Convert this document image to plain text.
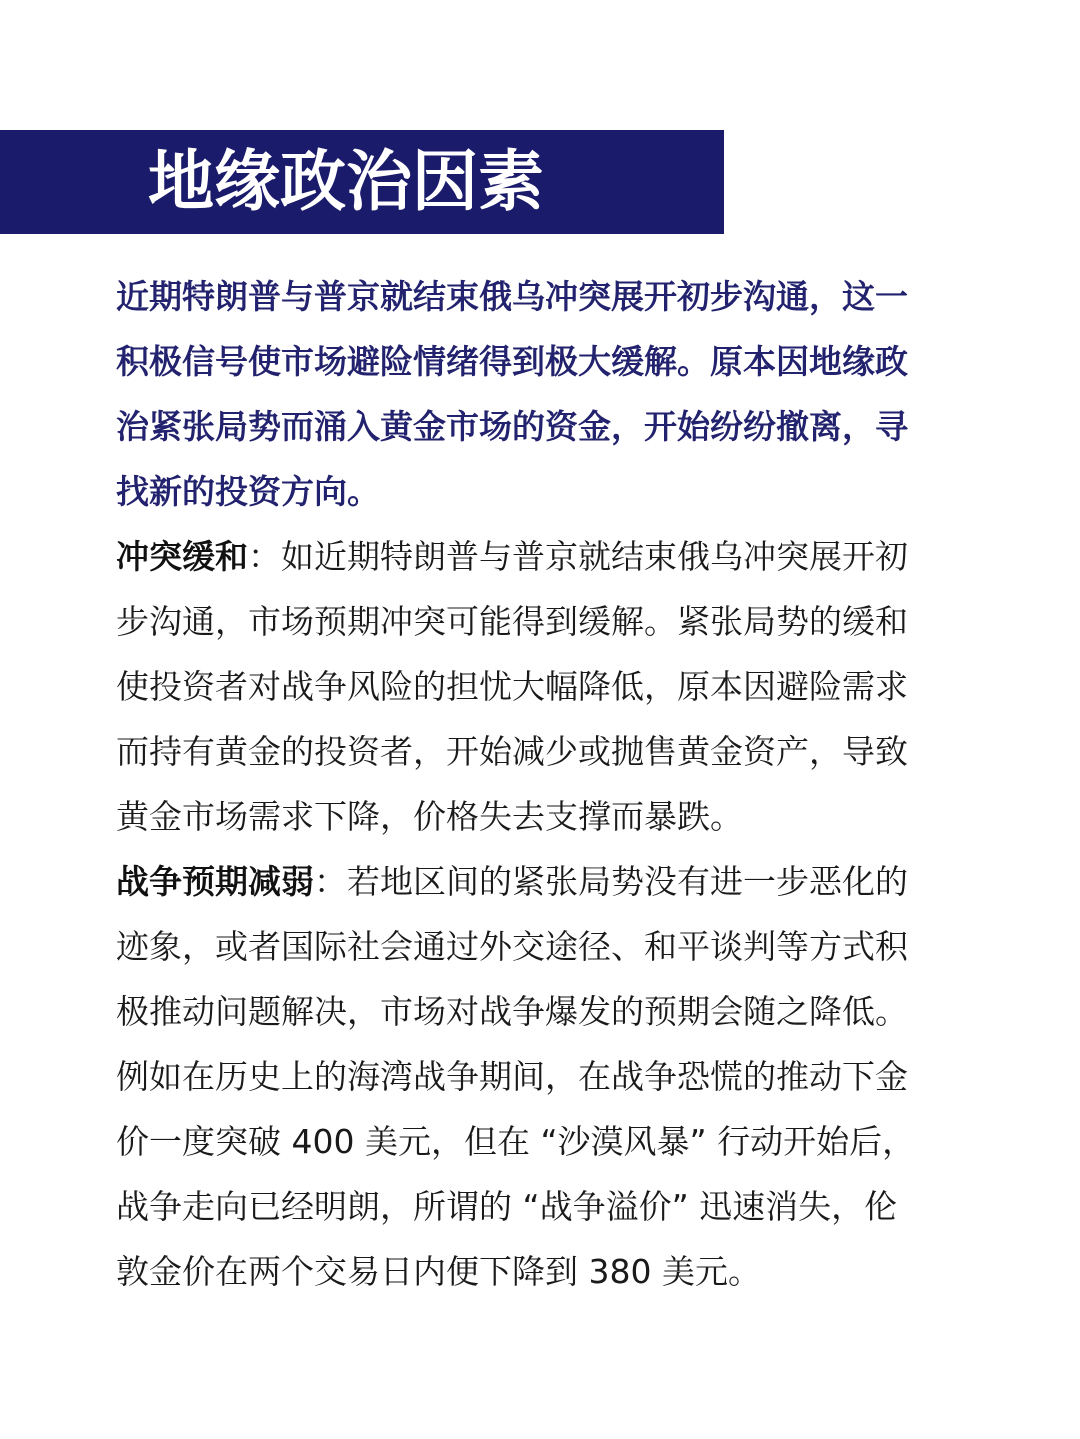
地缘政治因素

近期特朗普与普京就结束俄乌冲突展开初步沟通，这一积极信号使市场避险情绪得到极大缓解。原本因地缘政治紧张局势而涌入黄金市场的资金，开始纷纷撤离，寻找新的投资方向。

冲突缓和：如近期特朗普与普京就结束俄乌冲突展开初步沟通，市场预期冲突可能得到缓解。紧张局势的缓和使投资者对战争风险的担忧大幅降低，原本因避险需求而持有黄金的投资者，开始减少或抛售黄金资产，导致黄金市场需求下降，价格失去支撑而暴跌。

战争预期减弱：若地区间的紧张局势没有进一步恶化的迹象，或者国际社会通过外交途径、和平谈判等方式积极推动问题解决，市场对战争爆发的预期会随之降低。例如在历史上的海湾战争期间，在战争恐慌的推动下金价一度突破 400 美元，但在 “沙漠风暴” 行动开始后，战争走向已经明朗，所谓的 “战争溢价” 迅速消失，伦敦金价在两个交易日内便下降到 380 美元。
